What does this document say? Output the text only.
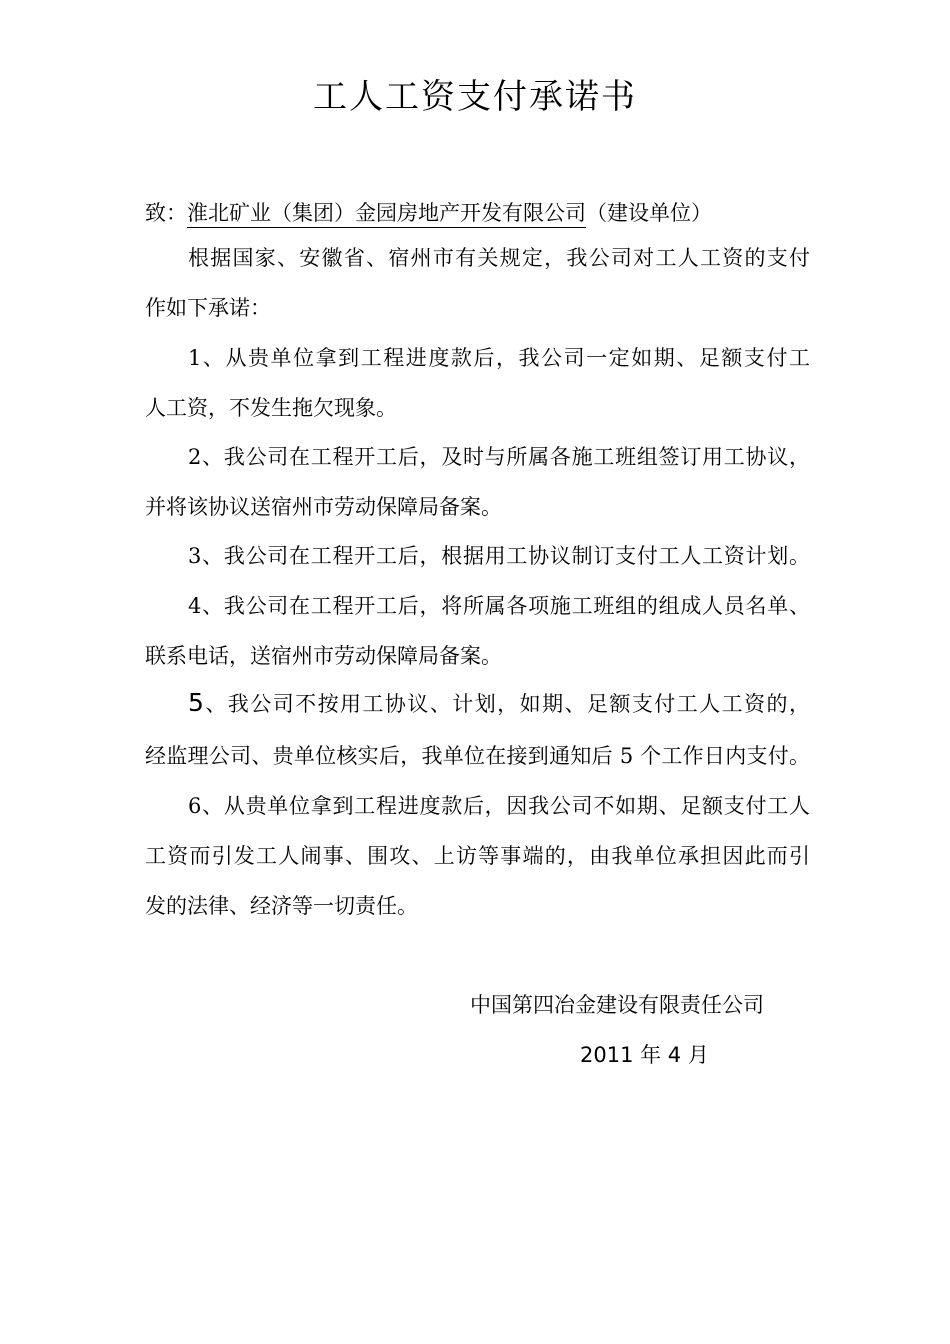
工人工资支付承诺书
致：淮北矿业（集团）金园房地产开发有限公司（建设单位）
根据国家、安徽省、宿州市有关规定，我公司对工人工资的支付
作如下承诺：
1、从贵单位拿到工程进度款后，我公司一定如期、足额支付工
人工资，不发生拖欠现象。
2、我公司在工程开工后，及时与所属各施工班组签订用工协议，
并将该协议送宿州市劳动保障局备案。
3、我公司在工程开工后，根据用工协议制订支付工人工资计划。
4、我公司在工程开工后，将所属各项施工班组的组成人员名单、
联系电话，送宿州市劳动保障局备案。
5、我公司不按用工协议、计划，如期、足额支付工人工资的，
经监理公司、贵单位核实后，我单位在接到通知后 5 个工作日内支付。
6、从贵单位拿到工程进度款后，因我公司不如期、足额支付工人
工资而引发工人闹事、围攻、上访等事端的，由我单位承担因此而引
发的法律、经济等一切责任。
中国第四冶金建设有限责任公司
2011 年 4 月
